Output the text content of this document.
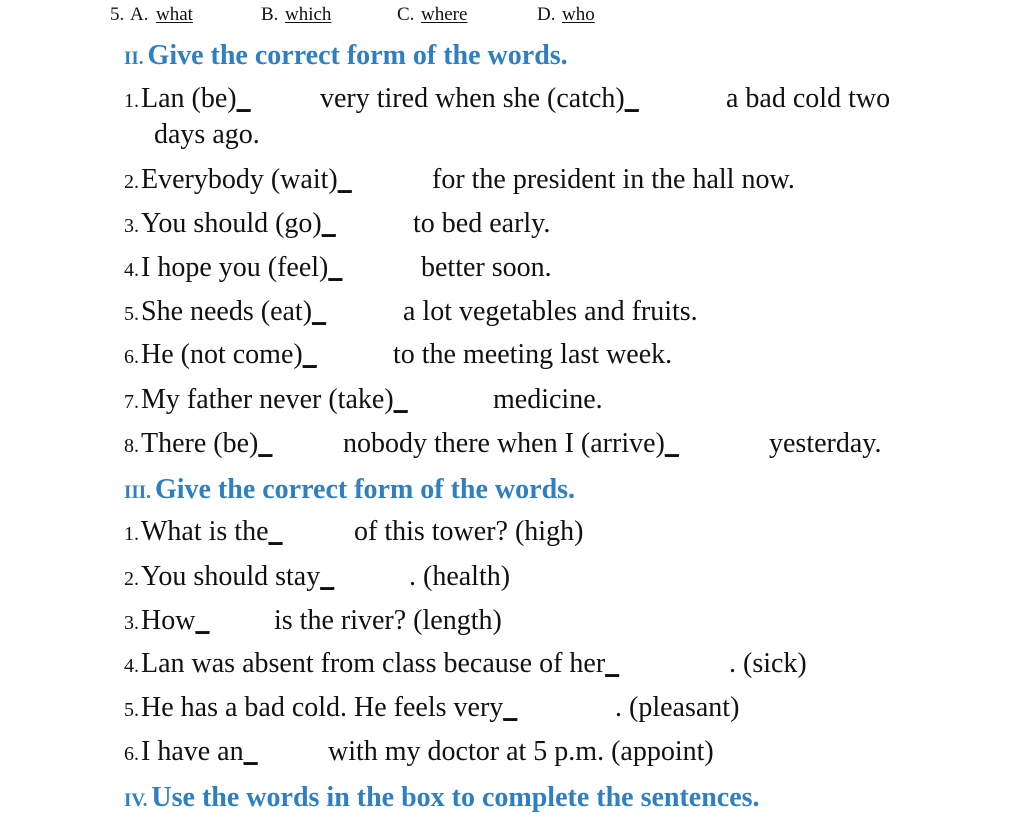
5. A. what	B. which	C. where	D. who
II. Give the correct form of the words.
1.Lan (be)_ very tired when she (catch)_	a bad cold two
days ago.
2.Everybody (wait)_	for the president in the hall now.
3.You should (go)_	to bed early.
4.I hope you (feel)_	better soon.
5.She needs (eat)_	a lot vegetables and fruits.
6.He (not come)_	to the meeting last week.
7.My father never (take)_	medicine.
8.There (be)_	nobody there when I (arrive)_	yesterday.
III. Give the correct form of the words.
1.What is the_	of this tower? (high)
2.You should stay_	. (health)
3.How_ is the river? (length)
4.Lan was absent from class because of her_	. (sick)
5.He has a bad cold. He feels very_	. (pleasant)
6.I have an_	with my doctor at 5 p.m. (appoint)
IV. Use the words in the box to complete the sentences.
